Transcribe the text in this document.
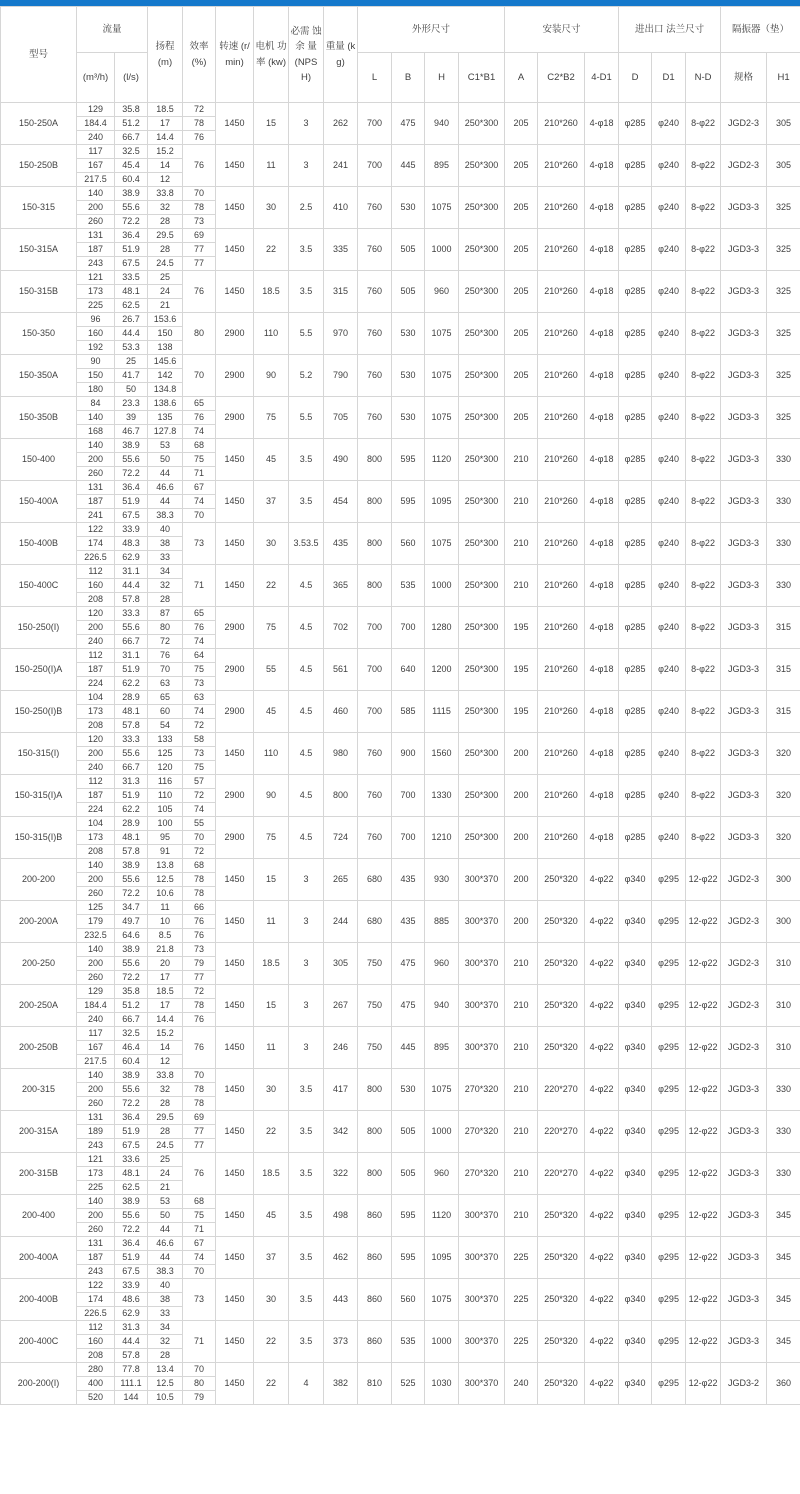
型号	流量		扬程 (m)	效率 (%)	转速 (r/min)	电机 功率 (kw)	必需 蚀余 量 (NPSH)	重量 (kg)	外形尺寸				安装尺寸			进出口 法兰尺寸			隔振器（垫）	
	(m³/h)	(l/s)							L	B	H	C1*B1	A	C2*B2	4-D1	D	D1	N-D	规格	H1
150-250A	129	35.8	18.5	72	1450	15	3	262	700	475	940	250*300	205	210*260	4-φ18	φ285	φ240	8-φ22	JGD2-3	305
	184.4	51.2	17	78																
	240	66.7	14.4	76																
150-250B	117	32.5	15.2	76	1450	11	3	241	700	445	895	250*300	205	210*260	4-φ18	φ285	φ240	8-φ22	JGD2-3	305
	167	45.4	14																	
	217.5	60.4	12																	
150-315	140	38.9	33.8	70	1450	30	2.5	410	760	530	1075	250*300	205	210*260	4-φ18	φ285	φ240	8-φ22	JGD3-3	325
	200	55.6	32	78																
	260	72.2	28	73																
150-315A	131	36.4	29.5	69	1450	22	3.5	335	760	505	1000	250*300	205	210*260	4-φ18	φ285	φ240	8-φ22	JGD3-3	325
	187	51.9	28	77																
	243	67.5	24.5	77																
150-315B	121	33.5	25	76	1450	18.5	3.5	315	760	505	960	250*300	205	210*260	4-φ18	φ285	φ240	8-φ22	JGD3-3	325
	173	48.1	24																	
	225	62.5	21																	
150-350	96	26.7	153.6	80	2900	110	5.5	970	760	530	1075	250*300	205	210*260	4-φ18	φ285	φ240	8-φ22	JGD3-3	325
	160	44.4	150																	
	192	53.3	138																	
150-350A	90	25	145.6	70	2900	90	5.2	790	760	530	1075	250*300	205	210*260	4-φ18	φ285	φ240	8-φ22	JGD3-3	325
	150	41.7	142																	
	180	50	134.8																	
150-350B	84	23.3	138.6	65	2900	75	5.5	705	760	530	1075	250*300	205	210*260	4-φ18	φ285	φ240	8-φ22	JGD3-3	325
	140	39	135	76																
	168	46.7	127.8	74																
150-400	140	38.9	53	68	1450	45	3.5	490	800	595	1120	250*300	210	210*260	4-φ18	φ285	φ240	8-φ22	JGD3-3	330
	200	55.6	50	75																
	260	72.2	44	71																
150-400A	131	36.4	46.6	67	1450	37	3.5	454	800	595	1095	250*300	210	210*260	4-φ18	φ285	φ240	8-φ22	JGD3-3	330
	187	51.9	44	74																
	241	67.5	38.3	70																
150-400B	122	33.9	40	73	1450	30	3.53.5	435	800	560	1075	250*300	210	210*260	4-φ18	φ285	φ240	8-φ22	JGD3-3	330
	174	48.3	38																	
	226.5	62.9	33																	
150-400C	112	31.1	34	71	1450	22	4.5	365	800	535	1000	250*300	210	210*260	4-φ18	φ285	φ240	8-φ22	JGD3-3	330
	160	44.4	32																	
	208	57.8	28																	
150-250(I)	120	33.3	87	65	2900	75	4.5	702	700	700	1280	250*300	195	210*260	4-φ18	φ285	φ240	8-φ22	JGD3-3	315
	200	55.6	80	76																
	240	66.7	72	74																
150-250(I)A	112	31.1	76	64	2900	55	4.5	561	700	640	1200	250*300	195	210*260	4-φ18	φ285	φ240	8-φ22	JGD3-3	315
	187	51.9	70	75																
	224	62.2	63	73																
150-250(I)B	104	28.9	65	63	2900	45	4.5	460	700	585	1115	250*300	195	210*260	4-φ18	φ285	φ240	8-φ22	JGD3-3	315
	173	48.1	60	74																
	208	57.8	54	72																
150-315(I)	120	33.3	133	58	1450	110	4.5	980	760	900	1560	250*300	200	210*260	4-φ18	φ285	φ240	8-φ22	JGD3-3	320
	200	55.6	125	73																
	240	66.7	120	75																
150-315(I)A	112	31.3	116	57	2900	90	4.5	800	760	700	1330	250*300	200	210*260	4-φ18	φ285	φ240	8-φ22	JGD3-3	320
	187	51.9	110	72																
	224	62.2	105	74																
150-315(I)B	104	28.9	100	55	2900	75	4.5	724	760	700	1210	250*300	200	210*260	4-φ18	φ285	φ240	8-φ22	JGD3-3	320
	173	48.1	95	70																
	208	57.8	91	72																
200-200	140	38.9	13.8	68	1450	15	3	265	680	435	930	300*370	200	250*320	4-φ22	φ340	φ295	12-φ22	JGD2-3	300
	200	55.6	12.5	78																
	260	72.2	10.6	78																
200-200A	125	34.7	11	66	1450	11	3	244	680	435	885	300*370	200	250*320	4-φ22	φ340	φ295	12-φ22	JGD2-3	300
	179	49.7	10	76																
	232.5	64.6	8.5	76																
200-250	140	38.9	21.8	73	1450	18.5	3	305	750	475	960	300*370	210	250*320	4-φ22	φ340	φ295	12-φ22	JGD2-3	310
	200	55.6	20	79																
	260	72.2	17	77																
200-250A	129	35.8	18.5	72	1450	15	3	267	750	475	940	300*370	210	250*320	4-φ22	φ340	φ295	12-φ22	JGD2-3	310
	184.4	51.2	17	78																
	240	66.7	14.4	76																
200-250B	117	32.5	15.2	76	1450	11	3	246	750	445	895	300*370	210	250*320	4-φ22	φ340	φ295	12-φ22	JGD2-3	310
	167	46.4	14																	
	217.5	60.4	12																	
200-315	140	38.9	33.8	70	1450	30	3.5	417	800	530	1075	270*320	210	220*270	4-φ22	φ340	φ295	12-φ22	JGD3-3	330
	200	55.6	32	78																
	260	72.2	28	78																
200-315A	131	36.4	29.5	69	1450	22	3.5	342	800	505	1000	270*320	210	220*270	4-φ22	φ340	φ295	12-φ22	JGD3-3	330
	189	51.9	28	77																
	243	67.5	24.5	77																
200-315B	121	33.6	25	76	1450	18.5	3.5	322	800	505	960	270*320	210	220*270	4-φ22	φ340	φ295	12-φ22	JGD3-3	330
	173	48.1	24																	
	225	62.5	21																	
200-400	140	38.9	53	68	1450	45	3.5	498	860	595	1120	300*370	210	250*320	4-φ22	φ340	φ295	12-φ22	JGD3-3	345
	200	55.6	50	75																
	260	72.2	44	71																
200-400A	131	36.4	46.6	67	1450	37	3.5	462	860	595	1095	300*370	225	250*320	4-φ22	φ340	φ295	12-φ22	JGD3-3	345
	187	51.9	44	74																
	243	67.5	38.3	70																
200-400B	122	33.9	40	73	1450	30	3.5	443	860	560	1075	300*370	225	250*320	4-φ22	φ340	φ295	12-φ22	JGD3-3	345
	174	48.6	38																	
	226.5	62.9	33																	
200-400C	112	31.3	34	71	1450	22	3.5	373	860	535	1000	300*370	225	250*320	4-φ22	φ340	φ295	12-φ22	JGD3-3	345
	160	44.4	32																	
	208	57.8	28																	
200-200(I)	280	77.8	13.4	70	1450	22	4	382	810	525	1030	300*370	240	250*320	4-φ22	φ340	φ295	12-φ22	JGD3-2	360
	400	111.1	12.5	80																
	520	144	10.5	79																
